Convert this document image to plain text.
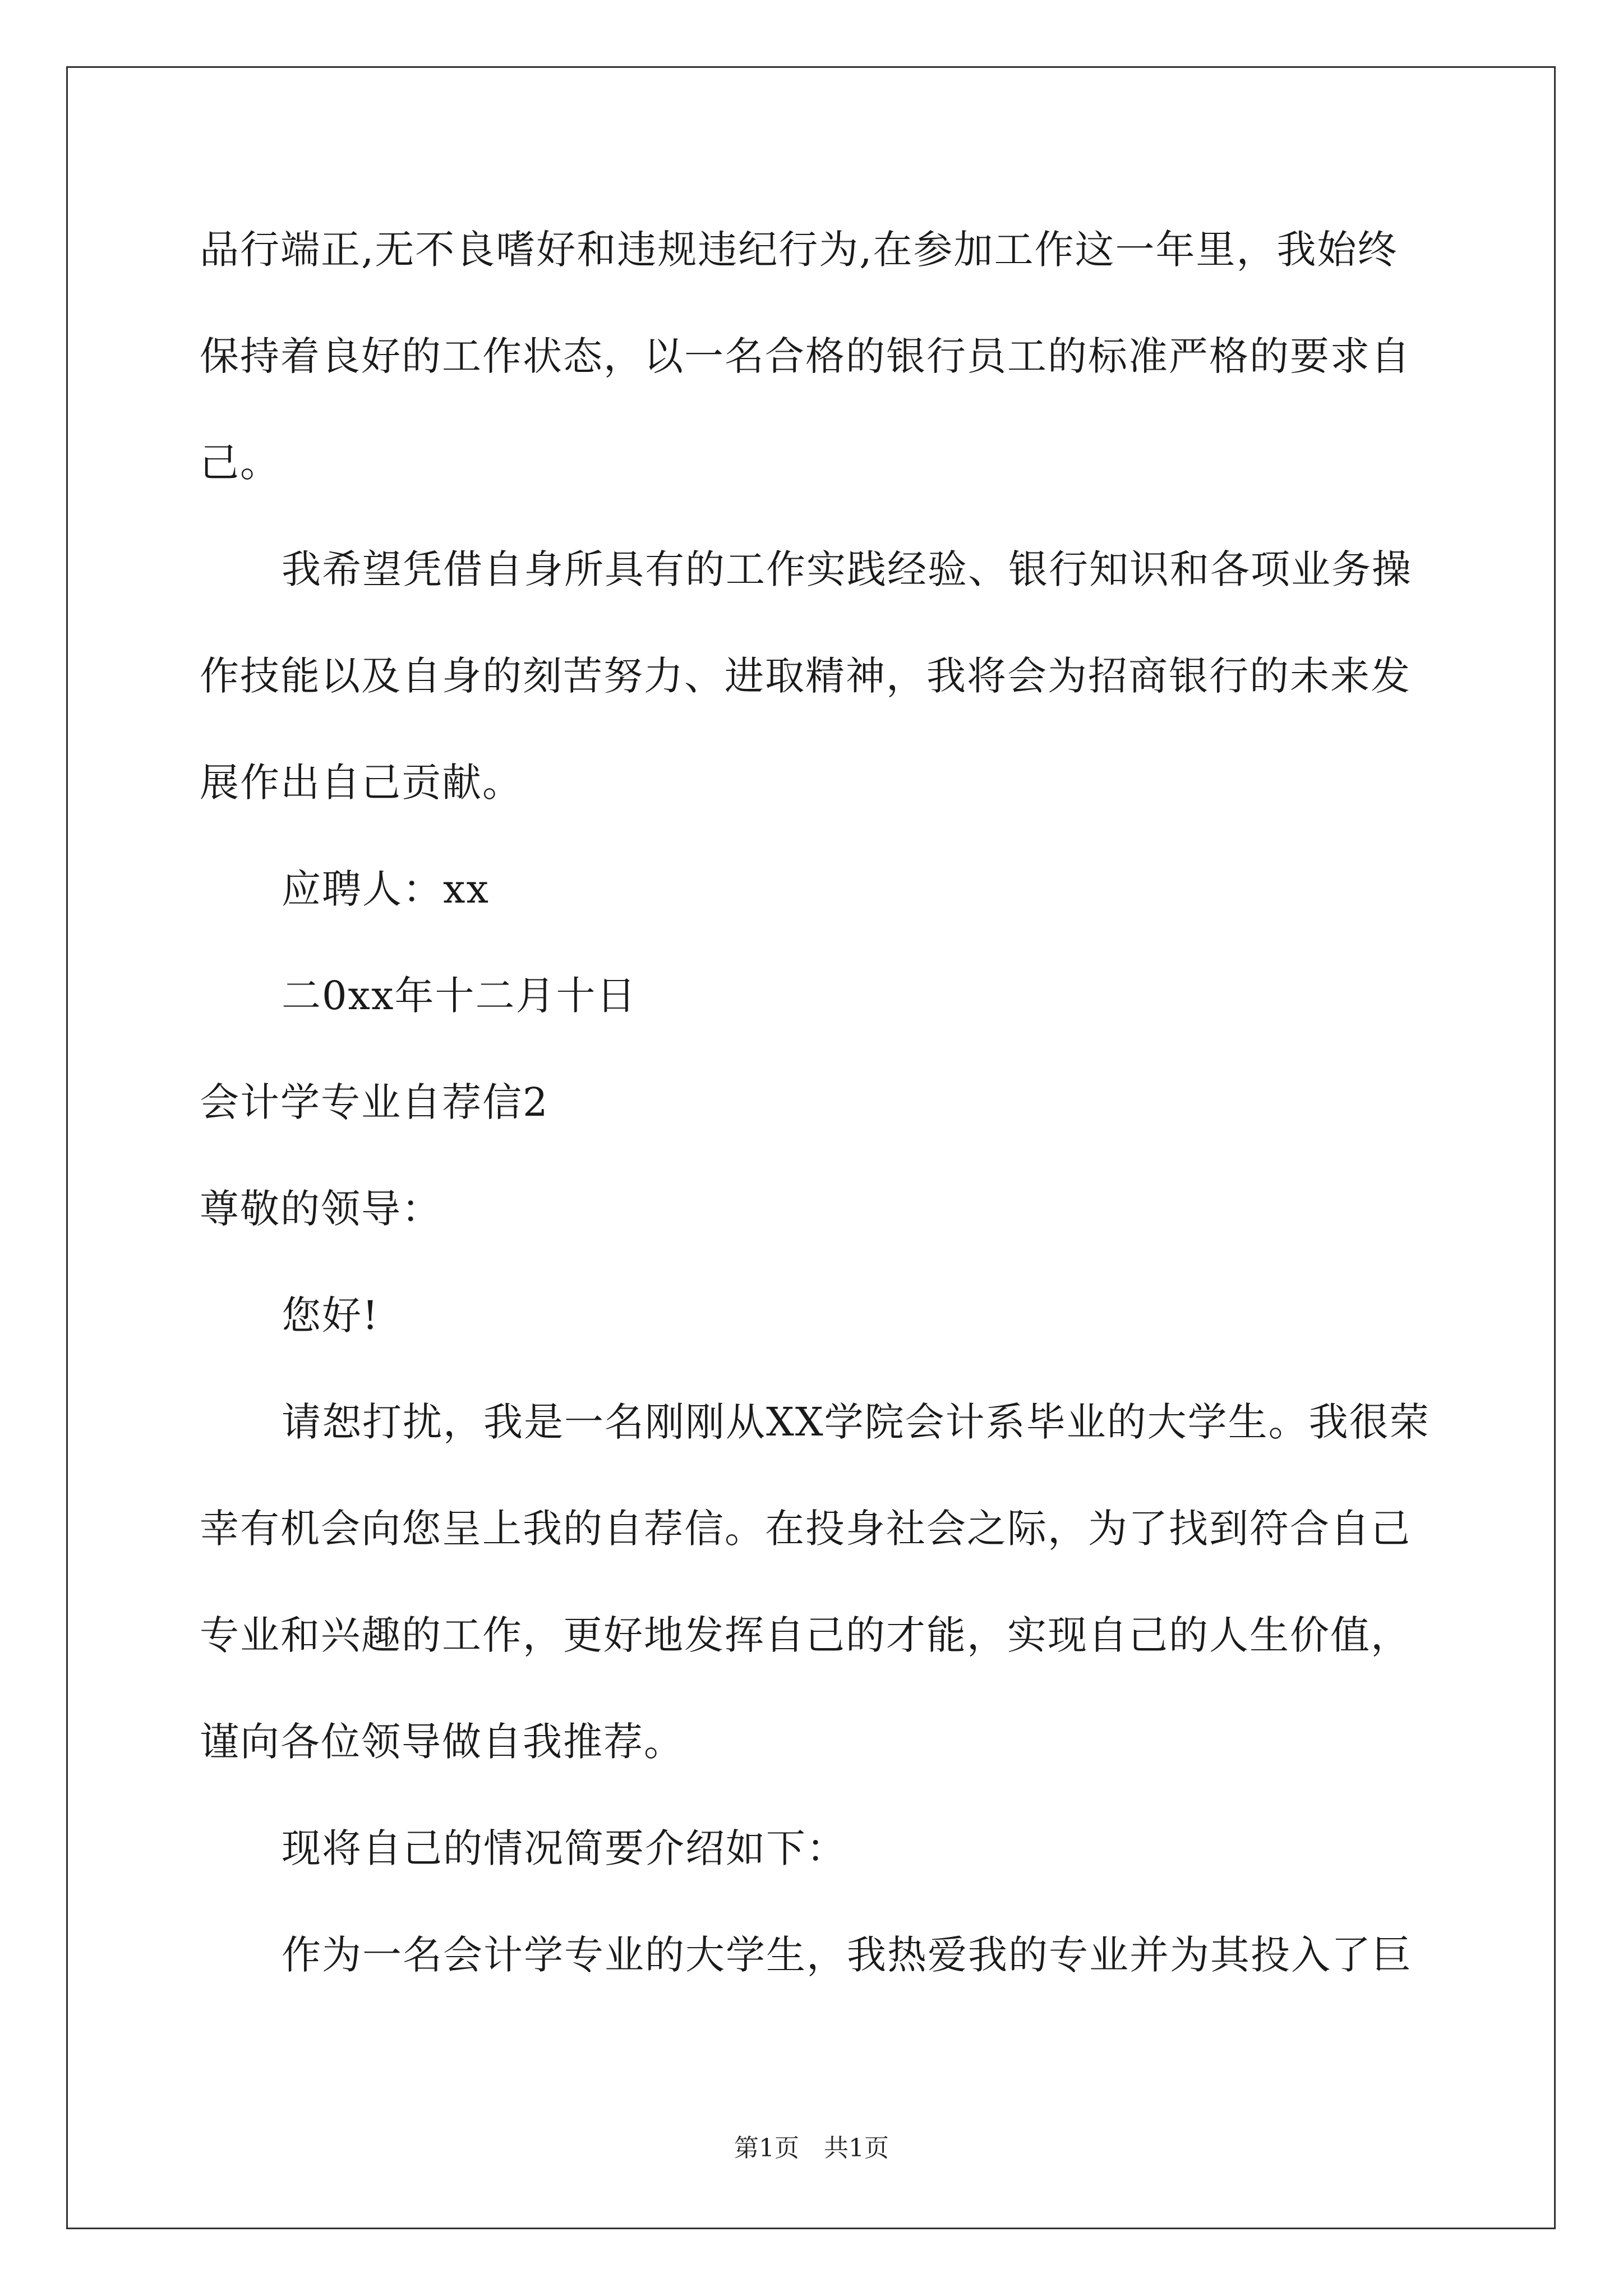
品行端正,无不良嗜好和违规违纪行为,在参加工作这一年里，我始终
保持着良好的工作状态，以一名合格的银行员工的标准严格的要求自
己。
我希望凭借自身所具有的工作实践经验、银行知识和各项业务操
作技能以及自身的刻苦努力、进取精神，我将会为招商银行的未来发
展作出自己贡献。
应聘人：xx
二0xx年十二月十日
会计学专业自荐信2
尊敬的领导：
您好!
请恕打扰，我是一名刚刚从XX学院会计系毕业的大学生。我很荣
幸有机会向您呈上我的自荐信。在投身社会之际，为了找到符合自己
专业和兴趣的工作，更好地发挥自己的才能，实现自己的人生价值，
谨向各位领导做自我推荐。
现将自己的情况简要介绍如下：
作为一名会计学专业的大学生，我热爱我的专业并为其投入了巨
第1页　共1页
